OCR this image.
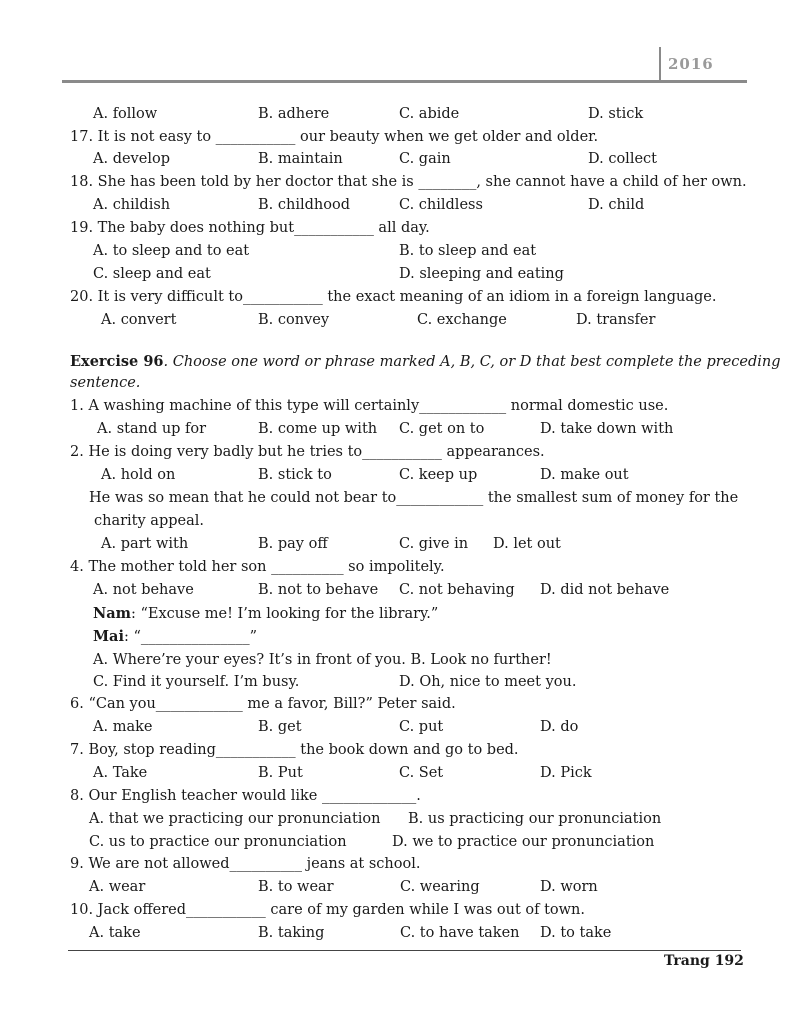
2016
A. follow	B. adhere	C. abide	D. stick
17. It is not easy to ___________ our beauty when we get older and older.
A. develop	B. maintain	C. gain	D. collect
18. She has been told by her doctor that she is ________, she cannot have a child of her own.
A. childish	B. childhood	C. childless	D. child
19. The baby does nothing but___________ all day.
A. to sleep and to eat	B. to sleep and eat
C. sleep and eat	D. sleeping and eating
20. It is very difficult to___________ the exact meaning of an idiom in a foreign language.
A. convert	B. convey	C. exchange	D. transfer
Exercise 96. Choose one word or phrase marked A, B, C, or D that best complete the preceding
sentence.
1. A washing machine of this type will certainly____________ normal domestic use.
A. stand up for	B. come up with C. get on to	D. take down with
2. He is doing very badly but he tries to___________ appearances.
A. hold on	B. stick to	C. keep up	D. make out
He was so mean that he could not bear to____________ the smallest sum of money for the
charity appeal.
A. part with	B. pay off	C. give in D. let out
4. The mother told her son __________ so impolitely.
A. not behave	B. not to behave C. not behaving D. did not behave
Nam: “Excuse me! I’m looking for the library.”
Mai: “_______________”
A. Where’re your eyes? It’s in front of you. B. Look no further!
C. Find it yourself. I’m busy.	D. Oh, nice to meet you.
6. “Can you____________ me a favor, Bill?” Peter said.
A. make	B. get	C. put	D. do
7. Boy, stop reading___________ the book down and go to bed.
A. Take	B. Put	C. Set	D. Pick
8. Our English teacher would like _____________.
A. that we practicing our pronunciation B. us practicing our pronunciation
C. us to practice our pronunciation	D. we to practice our pronunciation
9. We are not allowed__________ jeans at school.
A. wear	B. to wear	C. wearing	D. worn
10. Jack offered___________ care of my garden while I was out of town.
A. take	B. taking	C. to have taken D. to take
Trang 192
